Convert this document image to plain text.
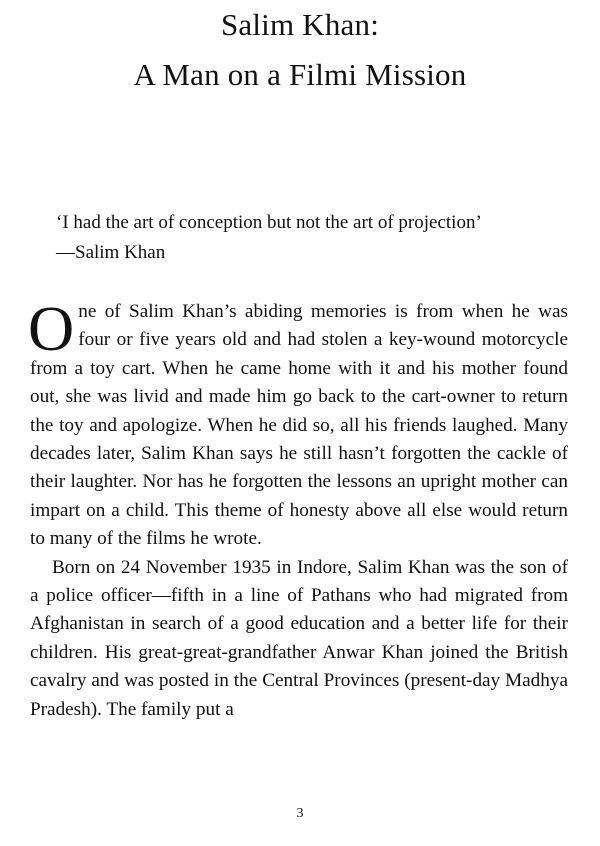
Salim Khan:
A Man on a Filmi Mission
‘I had the art of conception but not the art of projection’
—Salim Khan

One of Salim Khan’s abiding memories is from when he was four or five years old and had stolen a key-wound motorcycle from a toy cart. When he came home with it and his mother found out, she was livid and made him go back to the cart-owner to return the toy and apologize. When he did so, all his friends laughed. Many decades later, Salim Khan says he still hasn’t forgotten the cackle of their laughter. Nor has he forgotten the lessons an upright mother can impart on a child. This theme of honesty above all else would return to many of the films he wrote.

Born on 24 November 1935 in Indore, Salim Khan was the son of a police officer—fifth in a line of Pathans who had migrated from Afghanistan in search of a good education and a better life for their children. His great-great-grandfather Anwar Khan joined the British cavalry and was posted in the Central Provinces (present-day Madhya Pradesh). The family put a

3
